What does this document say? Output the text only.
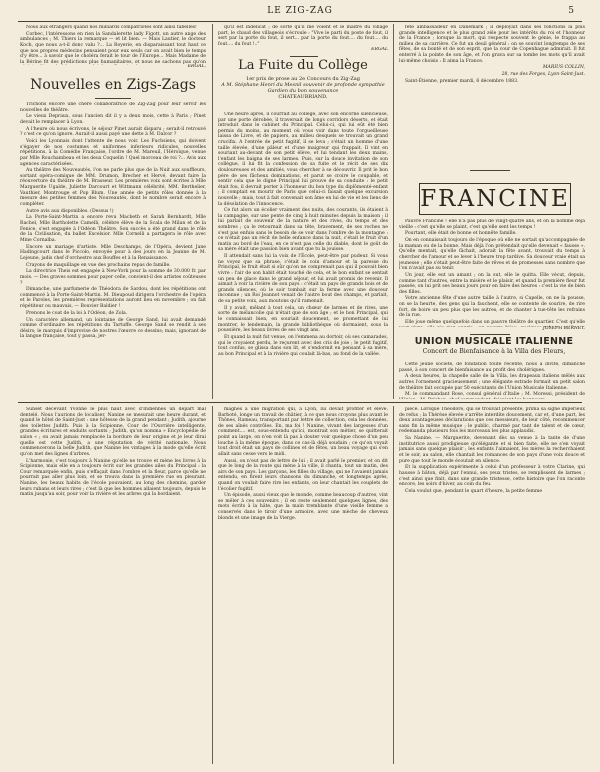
LE ZIG-ZAG	5

Nous aux étrangers quand nos milliards compatriotes sont ainsi tabellés!

Corbec, l'intéressons en rien la Sandalerette lady Figott, un autre ange des ambulances ; M. Thiers la remarque — et lit bien. — Mais Lautier, le docteur Koch, que nous a-t-il donc valu ?... La Royerie, en disparaissant tout haut ce que nos propres médecins pensaient pour eux seuls car on avait bien le temps d'y être... à savoir que le choléra ferait le tour de l'Europe... Mais Madame de la Bérine fit des prédictions plus humanitaires, et nous ne sachons pas qu'on

ERGAL.
Nouvelles en Zigs-Zags

Trichons encore une chère collaboratrice de Zig-Zag pour leur servir les nouvelles de théâtre.

Le vieux Depraux, sous l'ancien dit il y a deux mois, cette à Paris ; Pinet devait le remplacer à Lyon.

A l'heure où nous écrivons, le séjour Pinet aurait disparu ; serait-il retrouvé ? c'est ce qu'on ignore. Aurait-il aussi payé une dette à M. Dalcor ?

Voici les Lyonnais dont l'attente de nous voir. Les Fuchsiens, qui doivent s'égayer de nos costumes et uniformes inferieurs ridicules, nouvelles répétitions, à la Comédie Française, l'ordre de M. Mareuil, l'Héroïque, venue par Mlle Rouchambeau et les deux Coquelin ! Quel morceau de roi ?... Avis aux agences caractérisées.

Au théâtre des Nouveautés, l'on ne parle plus que de la Nuit aux souffleurs, sortant opéra-comique de MM. Drumon, Brecher et Hervé, devant faire la réouverture du théâtre de M. Brasseur. Les premières voix sont écrites à Mlle Marguerite Ugalde, Juliette Darcourt et Wittmann célébrité, MM. Berthelier, Vauthier, Montrouge et Pop Blum. Une année de petits rôles donnée à la mesure des petites femmes des Nouveautés, dont le nombre serait encore à compléter.

Autre avis aux disponibles. (Dessus !)

La Porte-Saint-Martin a encore revu Macbeth et Sarah Bernhardt, Mlle Rachel, Mlle Bartholette Camelli, célèbre élève de la Scala de Milan et de la Fenice, s'est engagée à l'Odéon Théâtre. Son succès a été grand dans le rôle de la Civilisation, du ballet Excelsior. Mlle Cornelli a partagera le rôle avec Mme Cornalba.

Encore un mariage d'artiste. Mlle Deschamps, de l'Opéra, devient Jane Hadingcourt dans le Piccolo, envoyée pour à des jours en la Jeanne de M. Lejeune, jadis chef d'orchestre aux Bouffes et à la Renaissance.

Crayons de maquillage en vue des prochains repas de famille.

La directrice Theis est engagée à New-York pour la somme de 30.000 fr. par mois. — Des graves sommes pour payer celle, convient-il des artistes coûteuses ?

Dimanche, une parfumerie de Théodora de Sardou, dont les répétitions ont commencé à la Porte-Saint-Martin. M. Dieupoud dirigera l'orchestre de l'opéra et le Paroles, les premières représentations auront lieu en novembre ; on fait répétiteur ou mauvais, — Bouvier Baldier !

Prenons le coat de la loi à l'Odéon, de Zola.

Un caractère allemand, un lointaine de George Sand, lui avait demandé comme d'ordinaire les répétitions du Tartuffe. George Sand se rendit à ses désirs; le marquis d'improvise de nostres l'œuvre ce dessins; mais, ignorant de la langue française, tout y passa, jer-

qu'il est indélicat ; de sorte qu'il me voient et le maître du village part, le chaud des villageois s'écroule : "Vive le parti du poste de fout, il sert par la porte du fout, il sert... par la porte du fout.... du fout.... du fout.... du fout !.."

ERGAL
La Fuite du Collège
1er prix de prose au 2e Concours du Zig-Zag
A M. Stéphane Henri du Mesnil souvenir de profonde sympathie
Gardien du bon souvenance
CHATEAUBRIAND.

Une heure après, il courrait au collège, avec son encorne silencieuse, par une porte dérobée, il traversait de longs corridors déserts, et était introduit dans le cabinet du Principal. Celui-ci, qui lui eût été bien permis du moins, au moment où vous voir dans toute l'orgueilleuse laissa de Livre, et de papiers, au milieu desquels se trouvait un grand crucifix. A l'entrée de petit fugitif, il se leva ; s'était un homme d'une taille élevée, d'une pâleur et d'une maigreur qui frappait. Il vint en souriant au-devant de son petit élève, et lui tendant les deux mains, l'enfant les baigna de ses larmes. Puis, sur la douce invitation de son collègue, il lui fit la confession de sa fuite et le récit de ses dix douloureuses et des amitiés, vous chercher à se découvrir. Il prit le bon père de ses fâcheux dominations, et parut se croire le coupable, et sentir cela que le digne Principal lui prouve de sa conduite : le petit était fou, il devrait porter à l'honneur du bon type du diplômenté-enfant ; il comptait en mourir de Paris que celui-ci faisait quelque excursion nouvelle ; mais, tout à fait convenait son âme en lui de vie et les liens de la désolation de l'innocence.

Ce fut alors un écolier vraiment des nuits, des courants, ils étaient à la campagne, sur une pente de cinq à huit minutes depuis la maison ; il lui parlait de souvenir de la nature et des rives, du temps et des sombres ; ça le retournait dans sa tête, bravement, de ses roches ne s'est pas enfuis sans le besoin de se voir dans l'ombre de la montagne : ce n'était pas un récit de belle enfance dans la nuit, c'était le fruit d'un matin au bord de l'eau, en ce n'est pas celle du diable, dont le goût de sa mère était une passion bien avant que tu la jouisse.

Il attendait sans lui la voix de l'École, peut-être par pudeur. Si vous ne voyez que sa phrase, c'était le coin d'amour et la paresse du Principal, le fruit était si sûr qu'on ne comprenait pas qui il pouvait bien vivre : l'air de son habit était touché de cela, et le bon enfant se sentait un peu de glace dans le grand séjour, et lui avait promis de revenir. Il aimait à voir la rivière de son pays : c'était un pays de grands bois et de grands silences, où le soir tombait sur la ferme avec une douceur inconnue ; un Roi Jeannot venait de l'autre bout des champs, et parlait, de sa petite voix, aux moutons qu'il ramenait.

Il y avait, mêlant à tout cela, un chœur de larmes et de rires, une sorte de mélancolie qui n'était que de son âge ; et le bon Principal, qui le connaissait bien, en souriait doucement, se promettant de lui montrer, le lendemain, la grande bibliothèque où dormaient, sous la poussière, les beaux livres de ses vingt ans.

Et quand la nuit fut venue, on l'emmena au dortoir, où ses camarades, qui le croyaient perdu, le reçurent avec des cris de joie ; le petit fugitif, tout confus, se glissa dans son lit, et s'endormit en pensant à sa mère, au bon Principal et à la rivière qui coulait là-bas, au fond de la vallée.

fête ambassadeur en Danemark ; il déployait dans ses fonctions la plus grande intelligence et le plus grand zèle pour les intérêts du roi et l'honneur de la France ; lorsque la mort, qui respecte souvent le génie, le frappa au milieu de sa carrière. Ce fut un deuil général : on se souvint longtemps de ses fêtes, de sa bonté et de son esprit, que la cour de Copenhague admirait. Il fut enterré à la pointe de son âge, et l'on grava sur sa tombe les mots qu'il avait lui-même choisis : Il aima la France.

MARIUS COLLIN,

28, rue des Forges, Lyon-Saint-Just.

Saint-Étienne, premier mardi, 6 décembre 1883.

FRANCINE

Pauvre Francine ! elle n'a pas plus de vingt-quatre ans, et on la nomme déjà vieille : c'est qu'elle se plaint, c'est qu'elle sent les temps !

Pourtant, elle était de bonne et honnête famille.

On en connaissait toujours de l'époque où elle ne sortait qu'accompagnée de la maman ou de la bonne. Mais déjà l'on prétendait qu'elle devenait « fausse ». Qu'elle mentait, qu'elle fâchait, adorait la fête avant, trouvait du temps à chercher de l'amour et se lever à l'heure trop tardive. Sa douceur vraie était sa jeunesse ; elle s'était peut-être faite de rêves et de promesses sans nombre que l'on n'avait pas su tenir.

Un jour, elle eut un amant ; on la sut, elle le quitta. Elle vécut, depuis, comme tant d'autres, entre la misère et le plaisir, et quand la première fleur fut passée, on lui prit ses beaux jours pour en faire des heures : c'est la vie de bien des filles.

Votre ancienne fête d'une autre taille à l'autre, si Capelle, on ne la pousse, on se la heurte, des gens qui la fauchent, elle se contente de sourire, de rire fort, de boire un peu plus que les autres, et de chanter à tue-tête les refrains de la rue.

Elle joue même quelquefois dans un pauvre théâtre de quartier. C'est qu'elle

JOSEPH BERNET.
UNION MUSICALE ITALIENNE
Concert de Bienfaisance à la Villa des Fleurs,

Cette jeune société, de fondation toute récente, nous a invité, dimanche passé, à son concert de bienfaisance au profit des cholériques.

A deux heures, la chapelle salle de la Villa, les drapeaux italiens mêlés aux autres l'ornement gracieusement ; une élégante estrade formait un petit salon de théâtre fait occupée par 50 exécutants de l'Union Musicale Italienne.

M. le commandant Rose, consul général d'Italie ; M. Moressi, président de

Sunset décevant Yvonne le plus haut avec d'Indiennes un départ mal dentelé. Nous l'aurions de localiser, Nanine se mesurait une heure durant, et quand le hôtel de Saint-Just : une hôtesse de la grand pendant ; Judith, ajourne des toilettes Judith. Puis à la Scipionne, Cour de l'Ouvrière intelligente, grandes écritures et enduits sortants ; Judith, qu'on nomma » Encyclopédie de salon « ; on avait jamais remplacée la bordure de leur origine et je leur dirai quelle est cette Judith, a une réputation de vérité nationale. Nous commencerons la belle Judith, que Nanine les vintages à la mode qu'elle écrit qu'on met des lignes d'arbres.

L'harmonie, c'est toujours à Nanine qu'elle ne trouve et mène les livres à la Scipionne, mais elle en a toujours écrit sur les grandes ailes du Principal : la Cour remarquée enfin, puis s'effaçait dans l'ombre et la fleur, parce qu'elle ne pourrait pas aller plus loin, et se trouva dans la première rue en pleurant. Nanine, les beaux habits de l'école pouvaient, au long des chemins, garder leurs rubans et leurs rires ; c'est là que les hommes allaient toujours, depuis le matin jusqu'au soir, pour voir la rivière et les arbres qui la bordaient.

magnés à une migration qui, à Lyon, lui devait profiter et élève. Barboté, longe un travail de châtier, à ce que nous croyons plus avant le Thônes, Rameau, transportant par lettre de collection, cela les données, de ses aînés contrôles. En, ma foi ! Nanine, vivant des largesses d'un comment.... est, sous-entendu qu'ici, montrait son métier, se quitterait point au large, on n'en voit là pas à douter voir quelque chose d'un peu louche à la même époque, dans ce cas-là déjà soudain ; ce qu'on voyait tout droit était un pays de collines et de fêtes, un beau voyage qui s'en allait sans cesse vers le midi.

Aussi, on n'eut pas de lettre de lui ; il avait parlé le premier, et on dit que le long de la route qui mène à la ville, il chanta, tout un matin, des airs de son pays. Les garçons, les filles du village, qui ne l'avaient jamais entendu, en firent leurs chansons du dimanche, et longtemps après, quand on voulait faire rire les enfants, on leur chantait les couplets de l'écolier fugitif.

Un épisode, aussi vieux que le monde, comme beaucoup d'autres, vint se mêler à ces souvenirs ; il en reste seulement quelques lignes, des mots écrits à la hâte, que la main tremblante d'une vieille femme a conservés dans le tiroir d'une armoire, avec une mèche de cheveux blonds et une image de la Vierge.

pièce. Lorsque Théodore, qui se trouvait présente, prima sa signe impérieux de refus ; la Thérèse élevée s'arrête interdite doucement, car et, d'une part, les deux avantageuses déclarations que ces messieurs, de leur côté, recommencer sans fin la même musique ; le public, charmé par tant de talent et de cœur, redemanda plusieurs fois les morceaux les plus applaudis.

Sa Nanine. — Marguerite, devenant dès sa venue à la tante de d'une institutrice aussi prodigieuse qu'élégante et si bien faite, elle ne s'en voyait jamais sans quelque plaisir ; les enfants l'aimaient, les mères la recherchaient et le soir, au salon, elle chantait les romances de son pays d'une voix douce et pure que tout le monde écoutait en silence.

Et la supplication expérimente à celui d'un professeur à votre Clarine, qui hausse à bâton, déjà par l'ennui, ses yeux tristes, se remplissent de larmes ; c'est ainsi que finit, dans une grande tristesse, cette histoire que l'on raconte encore, les soirs d'hiver, au coin du feu.

Cela voulut que, pendant le quart d'heure, la petite femme
